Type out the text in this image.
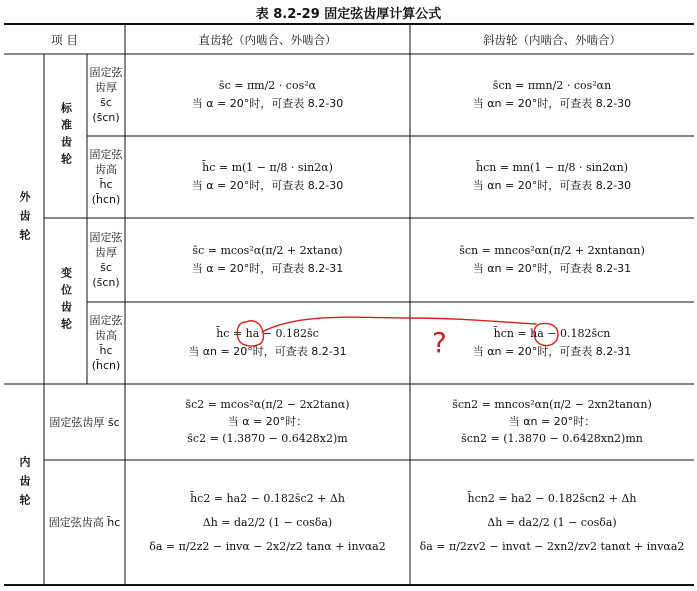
表 8.2-29 固定弦齿厚计算公式
项 目	直齿轮（内啮合、外啮合）	斜齿轮（内啮合、外啮合）
外齿轮
内齿轮
标准齿轮
变位齿轮
固定弦齿厚 s̄c (s̄cn)
固定弦齿高 h̄c (h̄cn)
固定弦齿厚 s̄c (s̄cn)
固定弦齿高 h̄c (h̄cn)
固定弦齿厚 s̄c
固定弦齿高 h̄c
s̄c = πm/2 · cos²α
当 α = 20°时，可查表 8.2-30
s̄cn = πmn/2 · cos²αn
当 αn = 20°时，可查表 8.2-30
h̄c = m(1 − π/8 · sin2α)
当 α = 20°时，可查表 8.2-30
h̄cn = mn(1 − π/8 · sin2αn)
当 αn = 20°时，可查表 8.2-30
s̄c = mcos²α(π/2 + 2xtanα)
当 α = 20°时，可查表 8.2-31
s̄cn = mncos²αn(π/2 + 2xntanαn)
当 αn = 20°时，可查表 8.2-31
h̄c = ha − 0.182s̄c
当 αn = 20°时，可查表 8.2-31
h̄cn = ha − 0.182s̄cn
当 αn = 20°时，可查表 8.2-31
s̄c2 = mcos²α(π/2 − 2x2tanα)
当 α = 20°时：
s̄c2 = (1.3870 − 0.6428x2)m
s̄cn2 = mncos²αn(π/2 − 2xn2tanαn)
当 αn = 20°时：
s̄cn2 = (1.3870 − 0.6428xn2)mn
h̄c2 = ha2 − 0.182s̄c2 + Δh
Δh = da2/2 (1 − cosδa)
δa = π/2z2 − invα − 2x2/z2 tanα + invαa2
h̄cn2 = ha2 − 0.182s̄cn2 + Δh
Δh = da2/2 (1 − cosδa)
δa = π/2zv2 − invαt − 2xn2/zv2 tanαt + invαa2
?
